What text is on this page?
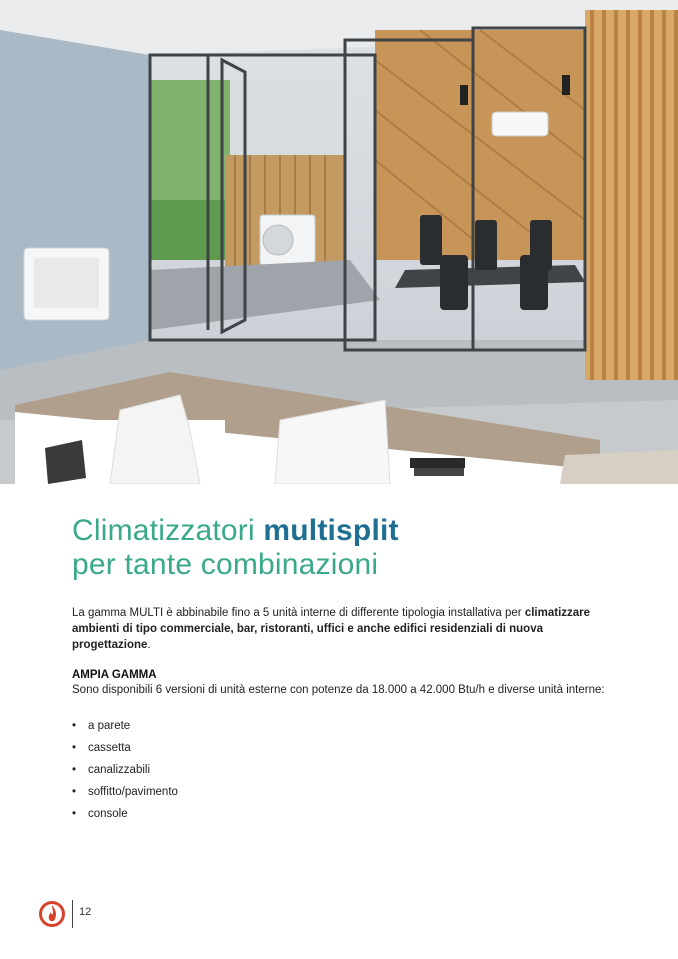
Climatizzatori multisplit
per tante combinazioni

La gamma MULTI è abbinabile fino a 5 unità interne di differente tipologia installativa per climatizzare ambienti di tipo commerciale, bar, ristoranti, uffici e anche edifici residenziali di nuova progettazione.

AMPIA GAMMA

Sono disponibili 6 versioni di unità esterne con potenze da 18.000 a 42.000 Btu/h e diverse unità interne:

• a parete
• cassetta
• canalizzabili
• soffitto/pavimento
• console
12
